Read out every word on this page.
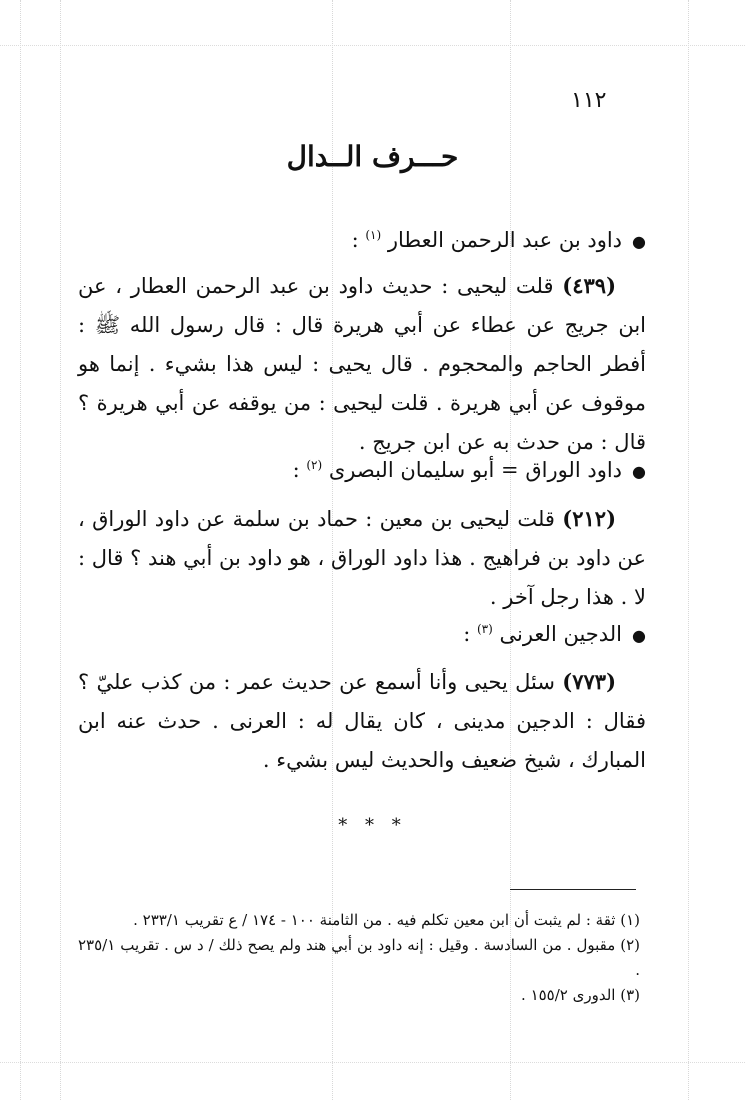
١١٢
حـــرف الــدال
●داود بن عبد الرحمن العطار $^{(١)}$ :
(٤٣٩) قلت ليحيى : حديث داود بن عبد الرحمن العطار ، عن ابن جريج عن عطاء عن أبي هريرة قال : قال رسول الله ﷺ : أفطر الحاجم والمحجوم . قال يحيى : ليس هذا بشيء . إنما هو موقوف عن أبي هريرة . قلت ليحيى : من يوقفه عن أبي هريرة ؟ قال : من حدث به عن ابن جريج .
●داود الوراق = أبو سليمان البصرى $^{(٢)}$ :
(٢١٢) قلت ليحيى بن معين : حماد بن سلمة عن داود الوراق ، عن داود بن فراهيج . هذا داود الوراق ، هو داود بن أبي هند ؟ قال : لا . هذا رجل آخر .
●الدجين العرنى $^{(٣)}$ :
(٧٧٣) سئل يحيى وأنا أسمع عن حديث عمر : من كذب عليّ ؟ فقال : الدجين مدينى ، كان يقال له : العرنى . حدث عنه ابن المبارك ، شيخ ضعيف والحديث ليس بشيء .
* * *

(١) ثقة : لم يثبت أن ابن معين تكلم فيه . من الثامنة ١٠٠ - ١٧٤ / ع تقريب ٢٣٣/١ .

(٢) مقبول . من السادسة . وقيل : إنه داود بن أبي هند ولم يصح ذلك / د س . تقريب ٢٣٥/١ .

(٣) الدورى ١٥٥/٢ .
